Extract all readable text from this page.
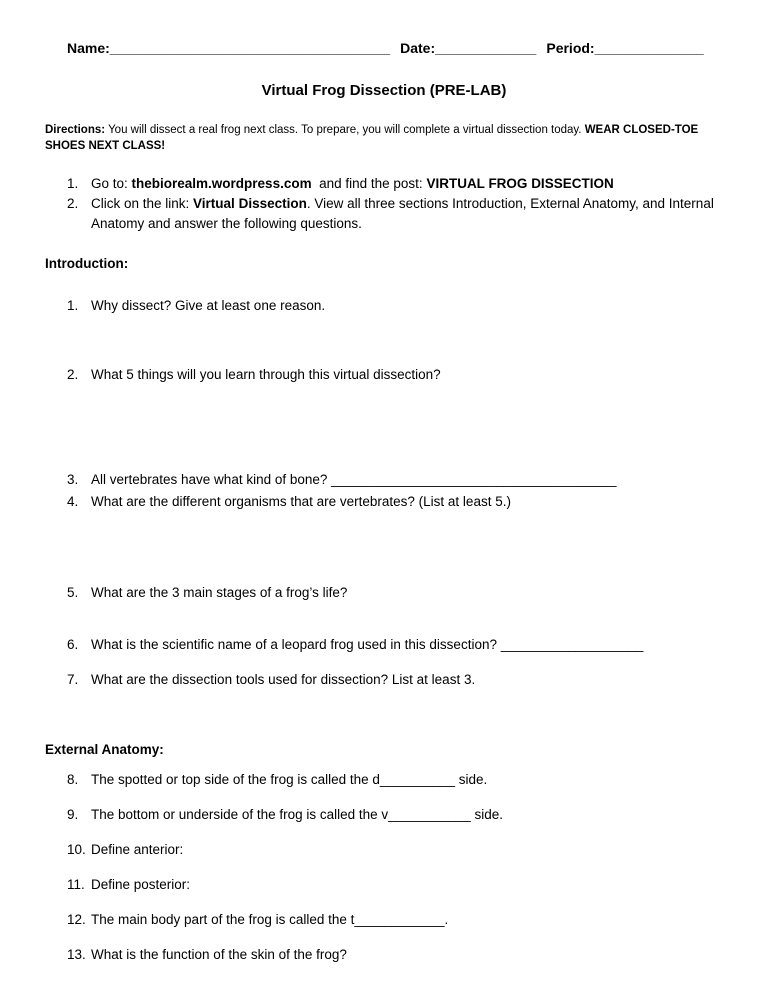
Name:____________________________________ Date:_____________ Period:______________
Virtual Frog Dissection (PRE-LAB)

Directions: You will dissect a real frog next class. To prepare, you will complete a virtual dissection today. WEAR CLOSED-TOE SHOES NEXT CLASS!

1. Go to: thebiorealm.wordpress.com  and find the post: VIRTUAL FROG DISSECTION
2. Click on the link: Virtual Dissection. View all three sections Introduction, External Anatomy, and Internal Anatomy and answer the following questions.
Introduction:
1. Why dissect? Give at least one reason.
2. What 5 things will you learn through this virtual dissection?
3. All vertebrates have what kind of bone? ______________________________________
4. What are the different organisms that are vertebrates? (List at least 5.)
5. What are the 3 main stages of a frog’s life?
6. What is the scientific name of a leopard frog used in this dissection? ___________________
7. What are the dissection tools used for dissection? List at least 3.
External Anatomy:
8. The spotted or top side of the frog is called the d__________ side.
9. The bottom or underside of the frog is called the v___________ side.
10. Define anterior:
11. Define posterior:
12. The main body part of the frog is called the t____________.
13. What is the function of the skin of the frog?
